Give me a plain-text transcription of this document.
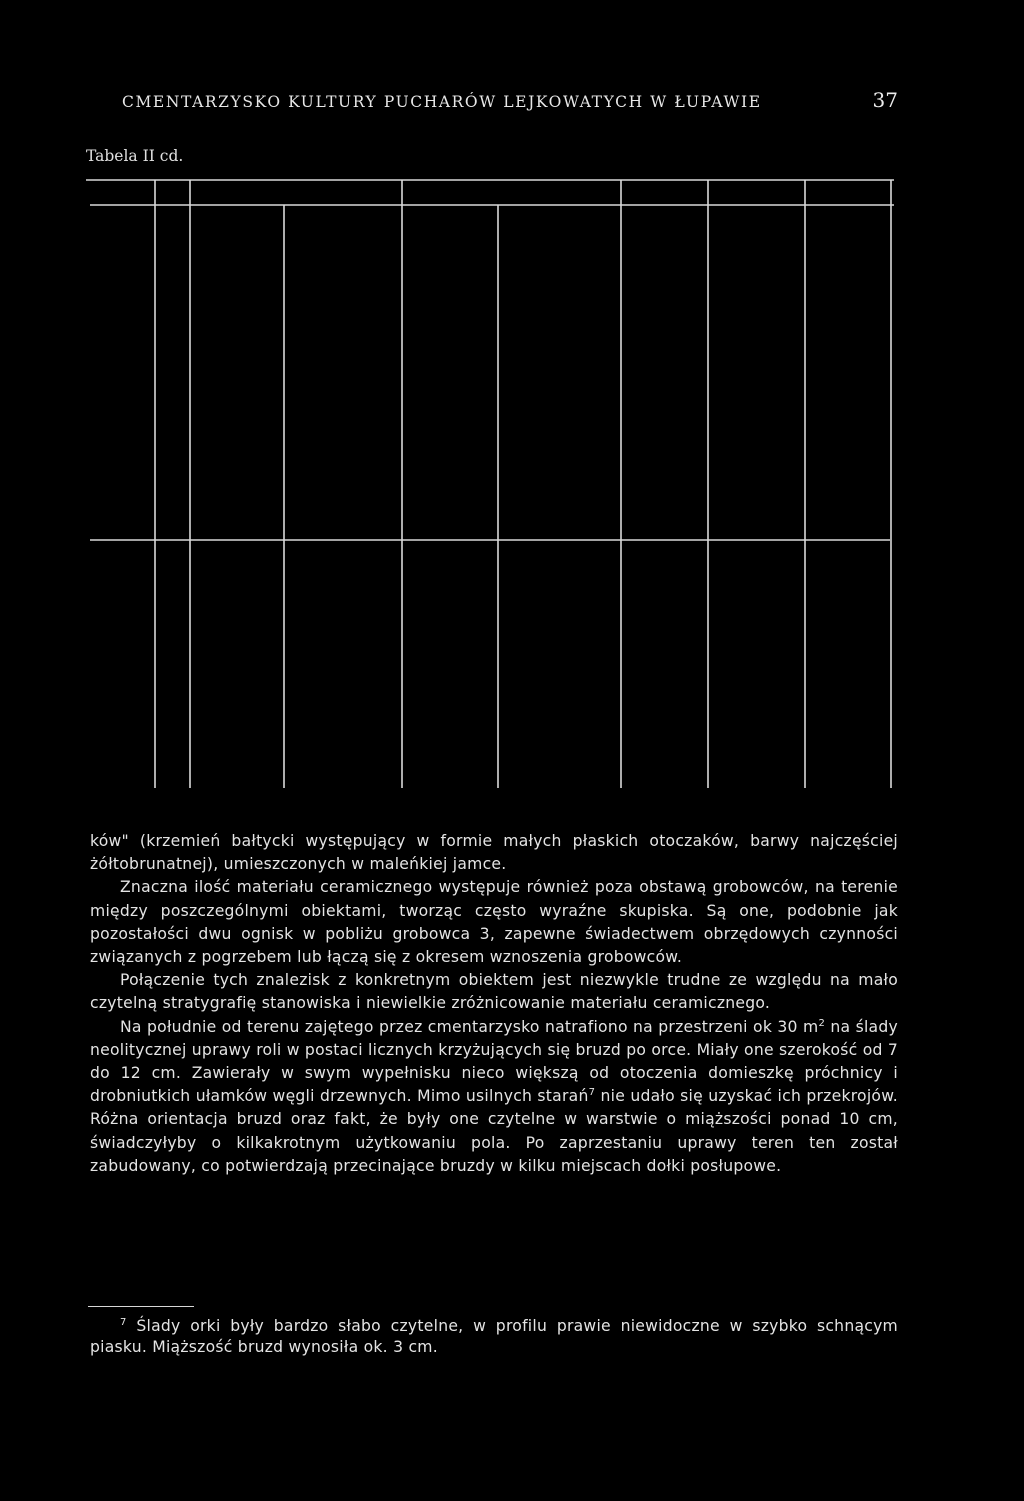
CMENTARZYSKO KULTURY PUCHARÓW LEJKOWATYCH W ŁUPAWIE	37
Tabela II cd.

ków" (krzemień bałtycki występujący w formie małych płaskich otoczaków, barwy najczęściej żółtobrunatnej), umieszczonych w maleńkiej jamce.

Znaczna ilość materiału ceramicznego występuje również poza obstawą grobowców, na terenie między poszczególnymi obiektami, tworząc często wyraźne skupiska. Są one, podobnie jak pozostałości dwu ognisk w pobliżu grobowca 3, zapewne świadectwem obrzędowych czynności związanych z pogrzebem lub łączą się z okresem wznoszenia grobowców.

Połączenie tych znalezisk z konkretnym obiektem jest niezwykle trudne ze względu na mało czytelną stratygrafię stanowiska i niewielkie zróżnicowanie materiału ceramicznego.

Na południe od terenu zajętego przez cmentarzysko natrafiono na przestrzeni ok 30 $m^2$ na ślady neolitycznej uprawy roli w postaci licznych krzyżujących się bruzd po orce. Miały one szerokość od 7 do 12 cm. Zawierały w swym wypełnisku nieco większą od otoczenia domieszkę próchnicy i drobniutkich ułamków węgli drzewnych. Mimo usilnych starań$^7$ nie udało się uzyskać ich przekrojów. Różna orientacja bruzd oraz fakt, że były one czytelne w warstwie o miąższości ponad 10 cm, świadczyłyby o kilkakrotnym użytkowaniu pola. Po zaprzestaniu uprawy teren ten został zabudowany, co potwierdzają przecinające bruzdy w kilku miejscach dołki posłupowe.

$^7$ Ślady orki były bardzo słabo czytelne, w profilu prawie niewidoczne w szybko schnącym piasku. Miąższość bruzd wynosiła ok. 3 cm.
